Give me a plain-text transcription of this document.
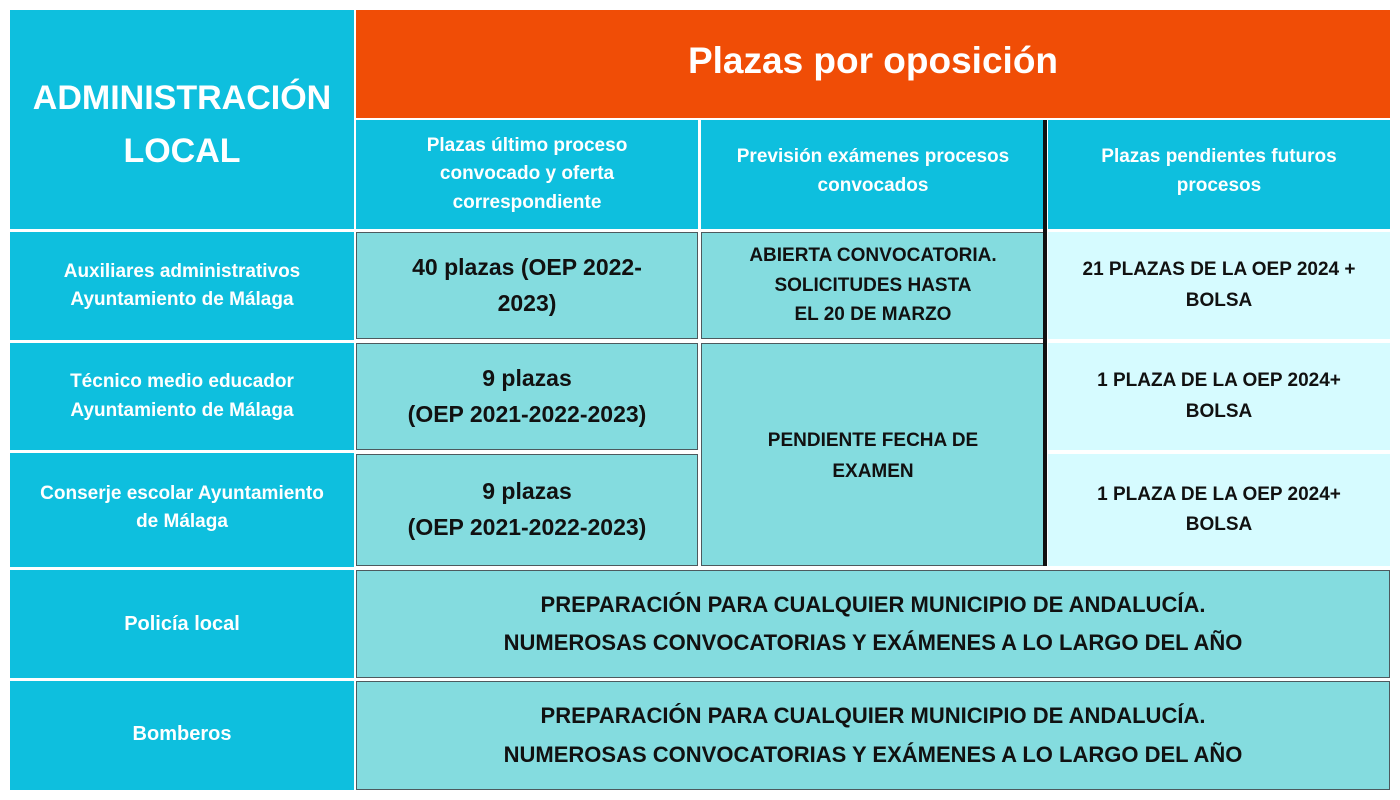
ADMINISTRACIÓN
LOCAL
Plazas por oposición
Plazas último proceso
convocado y oferta
correspondiente
Previsión exámenes procesos
convocados
Plazas pendientes futuros
procesos
Auxiliares administrativos
Ayuntamiento de Málaga
Técnico medio educador
Ayuntamiento de Málaga
Conserje escolar Ayuntamiento
de Málaga
Policía local
Bomberos
40 plazas (OEP 2022-
2023)
9 plazas
(OEP 2021-2022-2023)
9 plazas
(OEP 2021-2022-2023)
ABIERTA CONVOCATORIA.
SOLICITUDES HASTA
EL 20 DE MARZO
PENDIENTE FECHA DE
EXAMEN
21 PLAZAS DE LA OEP 2024 +
BOLSA
1 PLAZA DE LA OEP 2024+
BOLSA
1 PLAZA DE LA OEP 2024+
BOLSA
PREPARACIÓN PARA CUALQUIER MUNICIPIO DE ANDALUCÍA.
NUMEROSAS CONVOCATORIAS Y EXÁMENES A LO LARGO DEL AÑO
PREPARACIÓN PARA CUALQUIER MUNICIPIO DE ANDALUCÍA.
NUMEROSAS CONVOCATORIAS Y EXÁMENES A LO LARGO DEL AÑO
